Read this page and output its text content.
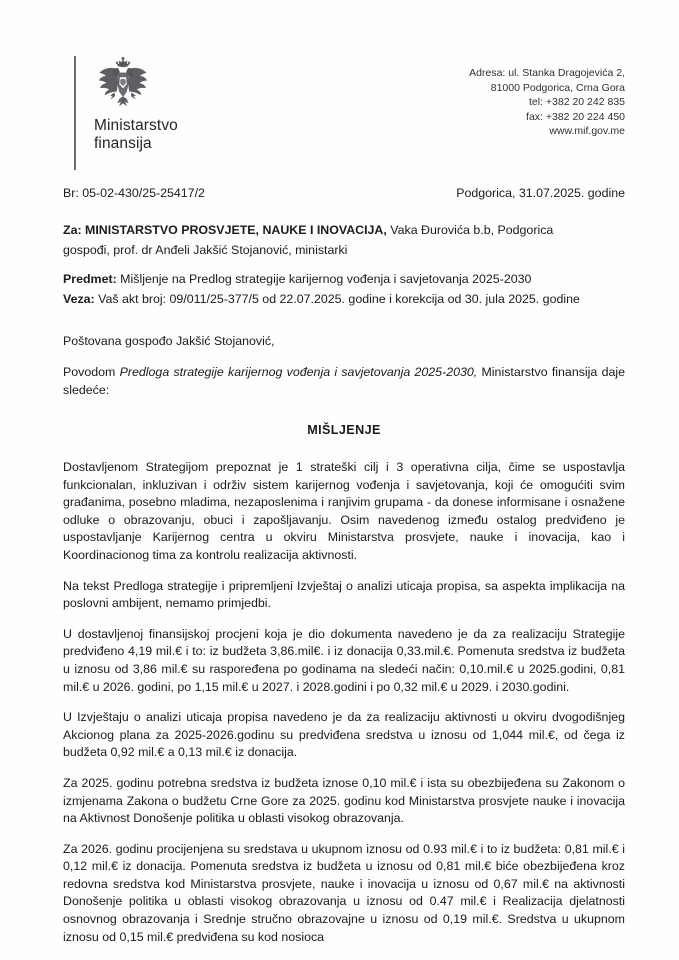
Ministarstvo
finansija
Adresa: ul. Stanka Dragojevića 2,
81000 Podgorica, Crna Gora
tel: +382 20 242 835
fax: +382 20 224 450
www.mif.gov.me
Br: 05-02-430/25-25417/2	Podgorica, 31.07.2025. godine
Za: MINISTARSTVO PROSVJETE, NAUKE I INOVACIJA, Vaka Đurovića b.b, Podgorica
gospođi, prof. dr Anđeli Jakšić Stojanović, ministarki
Predmet: Mišljenje na Predlog strategije karijernog vođenja i savjetovanja 2025-2030
Veza: Vaš akt broj: 09/011/25-377/5 od 22.07.2025. godine i korekcija od 30. jula 2025. godine
Poštovana gospođo Jakšić Stojanović,
Povodom Predloga strategije karijernog vođenja i savjetovanja 2025-2030, Ministarstvo finansija daje sledeće:
MIŠLJENJE

Dostavljenom Strategijom prepoznat je 1 strateški cilj i 3 operativna cilja, čime se uspostavlja funkcionalan, inkluzivan i održiv sistem karijernog vođenja i savjetovanja, koji će omogućiti svim građanima, posebno mladima, nezaposlenima i ranjivim grupama - da donese informisane i osnažene odluke o obrazovanju, obuci i zapošljavanju. Osim navedenog između ostalog predviđeno je uspostavljanje Karijernog centra u okviru Ministarstva prosvjete, nauke i inovacija, kao i Koordinacionog tima za kontrolu realizacija aktivnosti.

Na tekst Predloga strategije i pripremljeni Izvještaj o analizi uticaja propisa, sa aspekta implikacija na poslovni ambijent, nemamo primjedbi.

U dostavljenoj finansijskoj procjeni koja je dio dokumenta navedeno je da za realizaciju Strategije predviđeno 4,19 mil.€ i to: iz budžeta 3,86.mil€. i iz donacija 0,33.mil.€. Pomenuta sredstva iz budžeta u iznosu od 3,86 mil.€ su raspoređena po godinama na sledeći način: 0,10.mil.€ u 2025.godini, 0,81 mil.€ u 2026. godini, po 1,15 mil.€ u 2027. i 2028.godini i po 0,32 mil.€ u 2029. i 2030.godini.

U Izvještaju o analizi uticaja propisa navedeno je da za realizaciju aktivnosti u okviru dvogodišnjeg Akcionog plana za 2025-2026.godinu su predviđena sredstva u iznosu od 1,044 mil.€, od čega iz budžeta 0,92 mil.€ a 0,13 mil.€ iz donacija.

Za 2025. godinu potrebna sredstva iz budžeta iznose 0,10 mil.€ i ista su obezbijeđena su Zakonom o izmjenama Zakona o budžetu Crne Gore za 2025. godinu kod Ministarstva prosvjete nauke i inovacija na Aktivnost Donošenje politika u oblasti visokog obrazovanja.

Za 2026. godinu procijenjena su sredstava u ukupnom iznosu od 0.93 mil.€ i to iz budžeta: 0,81 mil.€ i 0,12 mil.€ iz donacija. Pomenuta sredstva iz budžeta u iznosu od 0,81 mil.€ biće obezbijeđena kroz redovna sredstva kod Ministarstva prosvjete, nauke i inovacija u iznosu od 0,67 mil.€ na aktivnosti Donošenje politika u oblasti visokog obrazovanja u iznosu od 0.47 mil.€ i Realizacija djelatnosti osnovnog obrazovanja i Srednje stručno obrazovajne u iznosu od 0,19 mil.€. Sredstva u ukupnom iznosu od 0,15 mil.€ predviđena su kod nosioca
